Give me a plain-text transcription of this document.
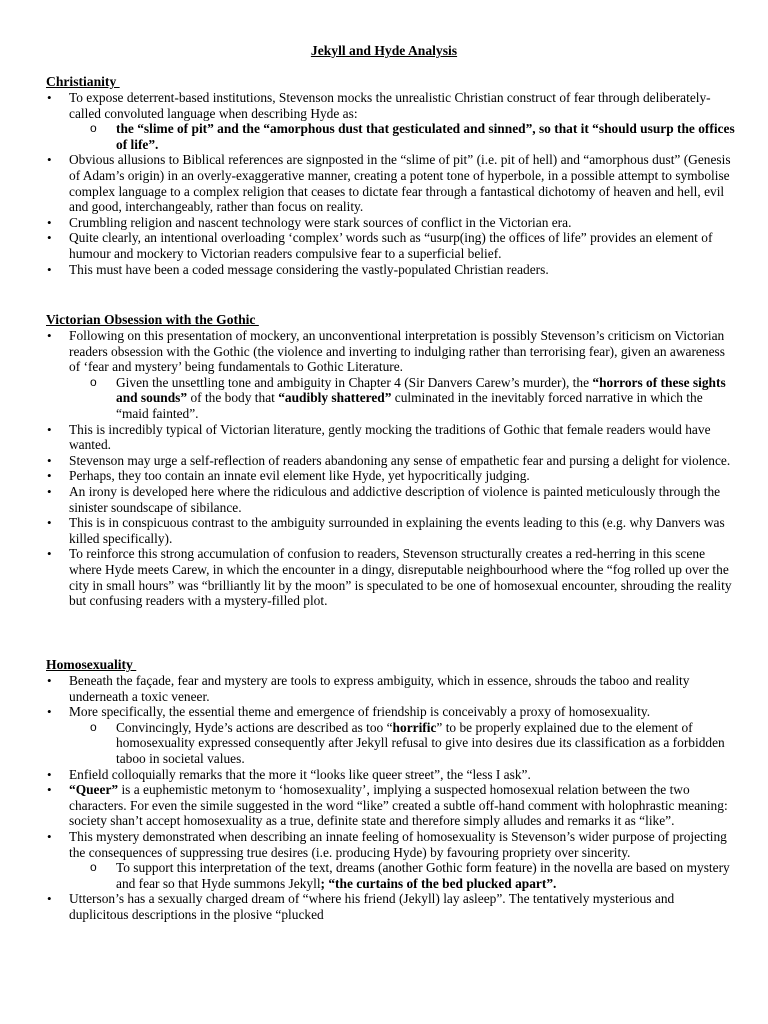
Jekyll and Hyde Analysis
Christianity
• To expose deterrent-based institutions, Stevenson mocks the unrealistic Christian construct of fear through deliberately-called convoluted language when describing Hyde as:
o the “slime of pit” and the “amorphous dust that gesticulated and sinned”, so that it “should usurp the offices of life”.
• Obvious allusions to Biblical references are signposted in the “slime of pit” (i.e. pit of hell) and “amorphous dust” (Genesis of Adam’s origin) in an overly-exaggerative manner, creating a potent tone of hyperbole, in a possible attempt to symbolise complex language to a complex religion that ceases to dictate fear through a fantastical dichotomy of heaven and hell, evil and good, interchangeably, rather than focus on reality.
• Crumbling religion and nascent technology were stark sources of conflict in the Victorian era.
• Quite clearly, an intentional overloading ‘complex’ words such as “usurp(ing) the offices of life” provides an element of humour and mockery to Victorian readers compulsive fear to a superficial belief.
• This must have been a coded message considering the vastly-populated Christian readers.
Victorian Obsession with the Gothic
• Following on this presentation of mockery, an unconventional interpretation is possibly Stevenson’s criticism on Victorian readers obsession with the Gothic (the violence and inverting to indulging rather than terrorising fear), given an awareness of ‘fear and mystery’ being fundamentals to Gothic Literature.
o Given the unsettling tone and ambiguity in Chapter 4 (Sir Danvers Carew’s murder), the “horrors of these sights and sounds” of the body that “audibly shattered” culminated in the inevitably forced narrative in which the “maid fainted”.
• This is incredibly typical of Victorian literature, gently mocking the traditions of Gothic that female readers would have wanted.
• Stevenson may urge a self-reflection of readers abandoning any sense of empathetic fear and pursing a delight for violence.
• Perhaps, they too contain an innate evil element like Hyde, yet hypocritically judging.
• An irony is developed here where the ridiculous and addictive description of violence is painted meticulously through the sinister soundscape of sibilance.
• This is in conspicuous contrast to the ambiguity surrounded in explaining the events leading to this (e.g. why Danvers was killed specifically).
• To reinforce this strong accumulation of confusion to readers, Stevenson structurally creates a red-herring in this scene where Hyde meets Carew, in which the encounter in a dingy, disreputable neighbourhood where the “fog rolled up over the city in small hours” was “brilliantly lit by the moon” is speculated to be one of homosexual encounter, shrouding the reality but confusing readers with a mystery-filled plot.
Homosexuality
• Beneath the façade, fear and mystery are tools to express ambiguity, which in essence, shrouds the taboo and reality underneath a toxic veneer.
• More specifically, the essential theme and emergence of friendship is conceivably a proxy of homosexuality.
o Convincingly, Hyde’s actions are described as too “horrific” to be properly explained due to the element of homosexuality expressed consequently after Jekyll refusal to give into desires due its classification as a forbidden taboo in societal values.
• Enfield colloquially remarks that the more it “looks like queer street”, the “less I ask”.
• “Queer” is a euphemistic metonym to ‘homosexuality’, implying a suspected homosexual relation between the two characters. For even the simile suggested in the word “like” created a subtle off-hand comment with holophrastic meaning: society shan’t accept homosexuality as a true, definite state and therefore simply alludes and remarks it as “like”.
• This mystery demonstrated when describing an innate feeling of homosexuality is Stevenson’s wider purpose of projecting the consequences of suppressing true desires (i.e. producing Hyde) by favouring propriety over sincerity.
o To support this interpretation of the text, dreams (another Gothic form feature) in the novella are based on mystery and fear so that Hyde summons Jekyll; “the curtains of the bed plucked apart”.
• Utterson’s has a sexually charged dream of “where his friend (Jekyll) lay asleep”. The tentatively mysterious and duplicitous descriptions in the plosive “plucked
